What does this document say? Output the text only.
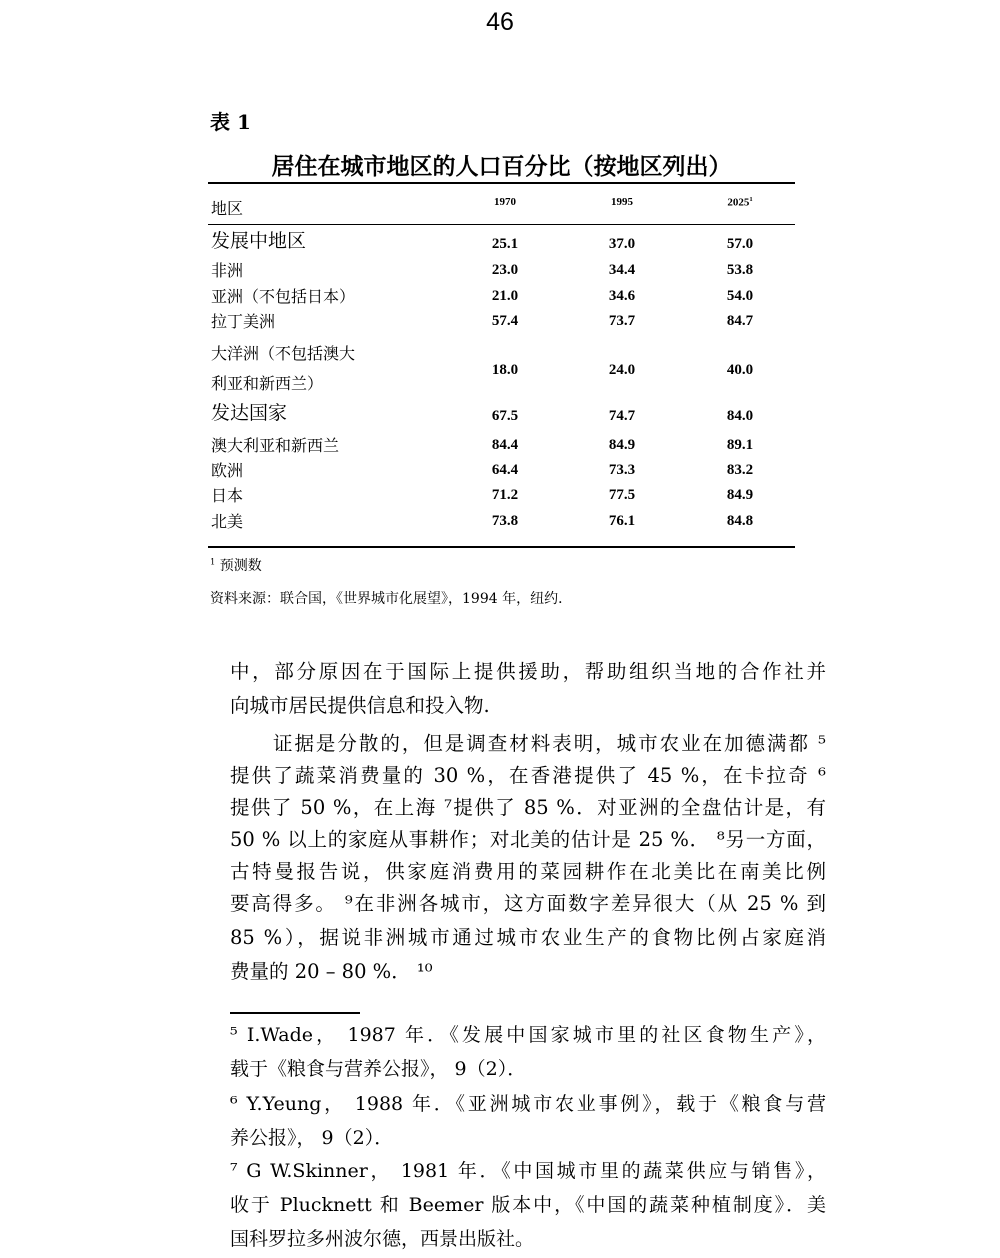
46
表 1
居住在城市地区的人口百分比（按地区列出）
地区	1970	1995	2025$^1$
发展中地区	25.1	37.0	57.0
非洲	23.0	34.4	53.8
亚洲（不包括日本）	21.0	34.6	54.0
拉丁美洲	57.4	73.7	84.7
大洋洲（不包括澳大
利亚和新西兰）
18.0	24.0	40.0
发达国家	67.5	74.7	84.0
澳大利亚和新西兰	84.4	84.9	89.1
欧洲	64.4	73.3	83.2
日本	71.2	77.5	84.9
北美	73.8	76.1	84.8
$^1$ 预测数
资料来源：联合国，《世界城市化展望》，1994 年，纽约．
中，部分原因在于国际上提供援助，帮助组织当地的合作社并
向城市居民提供信息和投入物.
　　证据是分散的，但是调查材料表明，城市农业在加德满都 ⁵
提供了蔬菜消费量的 30 %，在香港提供了 45 %，在卡拉奇 ⁶
提供了 50 %，在上海 ⁷提供了 85 %．对亚洲的全盘估计是，有
50 % 以上的家庭从事耕作；对北美的估计是 25 %． ⁸另一方面，
古特曼报告说，供家庭消费用的菜园耕作在北美比在南美比例
要高得多。 ⁹在非洲各城市，这方面数字差异很大（从 25 % 到
85 %），据说非洲城市通过城市农业生产的食物比例占家庭消
费量的 20 – 80 %． ¹⁰
⁵ I.Wade， 1987 年．《发展中国家城市里的社区食物生产》，
载于《粮食与营养公报》， 9（2）．
⁶ Y.Yeung， 1988 年．《亚洲城市农业事例》，载于《粮食与营
养公报》， 9（2）．
⁷ G W.Skinner， 1981 年．《中国城市里的蔬菜供应与销售》，
收于 Plucknett 和 Beemer 版本中，《中国的蔬菜种植制度》．美
国科罗拉多州波尔德，西景出版社。
